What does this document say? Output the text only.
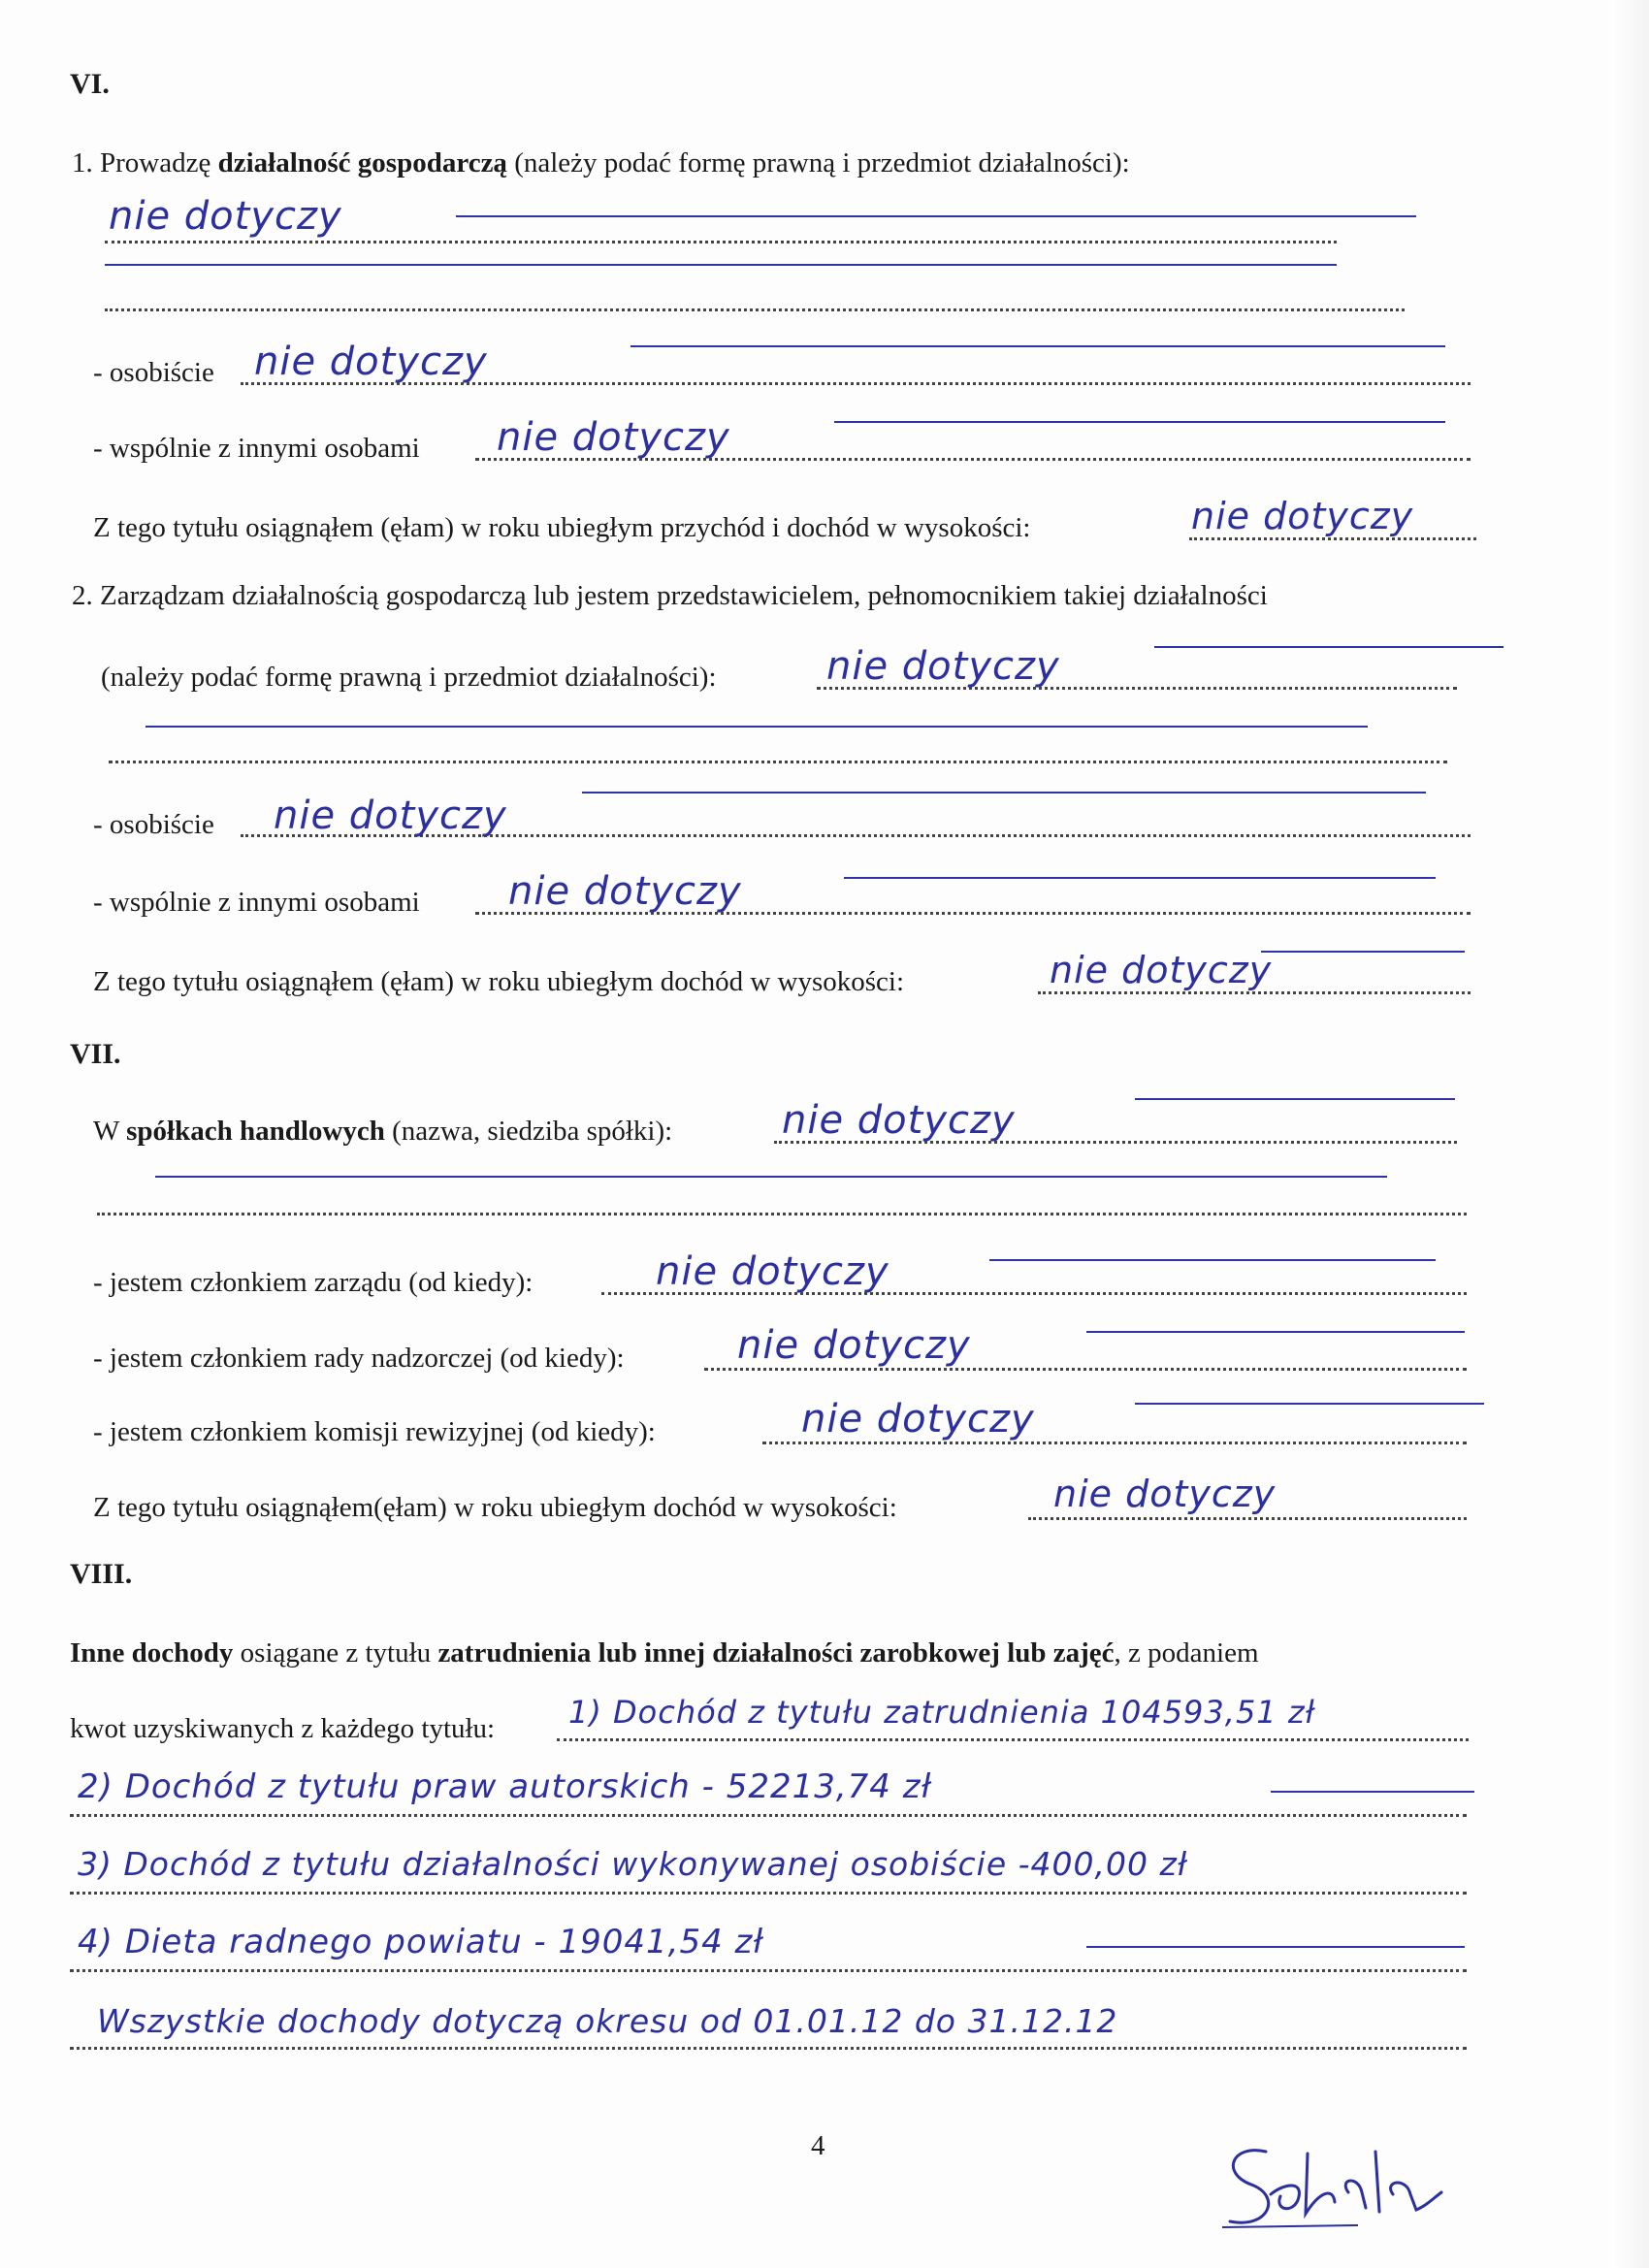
VI.
1. Prowadzę działalność gospodarczą (należy podać formę prawną i przedmiot działalności):
nie dotyczy
- osobiście nie dotyczy
- wspólnie z innymi osobami nie dotyczy
Z tego tytułu osiągnąłem (ęłam) w roku ubiegłym przychód i dochód w wysokości:	nie dotyczy
2. Zarządzam działalnością gospodarczą lub jestem przedstawicielem, pełnomocnikiem takiej działalności
(należy podać formę prawną i przedmiot działalności):	nie dotyczy
- osobiście nie dotyczy
- wspólnie z innymi osobami nie dotyczy
Z tego tytułu osiągnąłem (ęłam) w roku ubiegłym dochód w wysokości:	nie dotyczy
VII.
W spółkach handlowych (nazwa, siedziba spółki):	nie dotyczy
- jestem członkiem zarządu (od kiedy):	nie dotyczy
- jestem członkiem rady nadzorczej (od kiedy):	nie dotyczy
- jestem członkiem komisji rewizyjnej (od kiedy):	nie dotyczy
Z tego tytułu osiągnąłem(ęłam) w roku ubiegłym dochód w wysokości:	nie dotyczy
VIII.
Inne dochody osiągane z tytułu zatrudnienia lub innej działalności zarobkowej lub zajęć, z podaniem
kwot uzyskiwanych z każdego tytułu: 1) Dochód z tytułu zatrudnienia 104593,51 zł
2) Dochód z tytułu praw autorskich - 52213,74 zł
3) Dochód z tytułu działalności wykonywanej osobiście -400,00 zł
4) Dieta radnego powiatu - 19041,54 zł
Wszystkie dochody dotyczą okresu od 01.01.12 do 31.12.12
4
